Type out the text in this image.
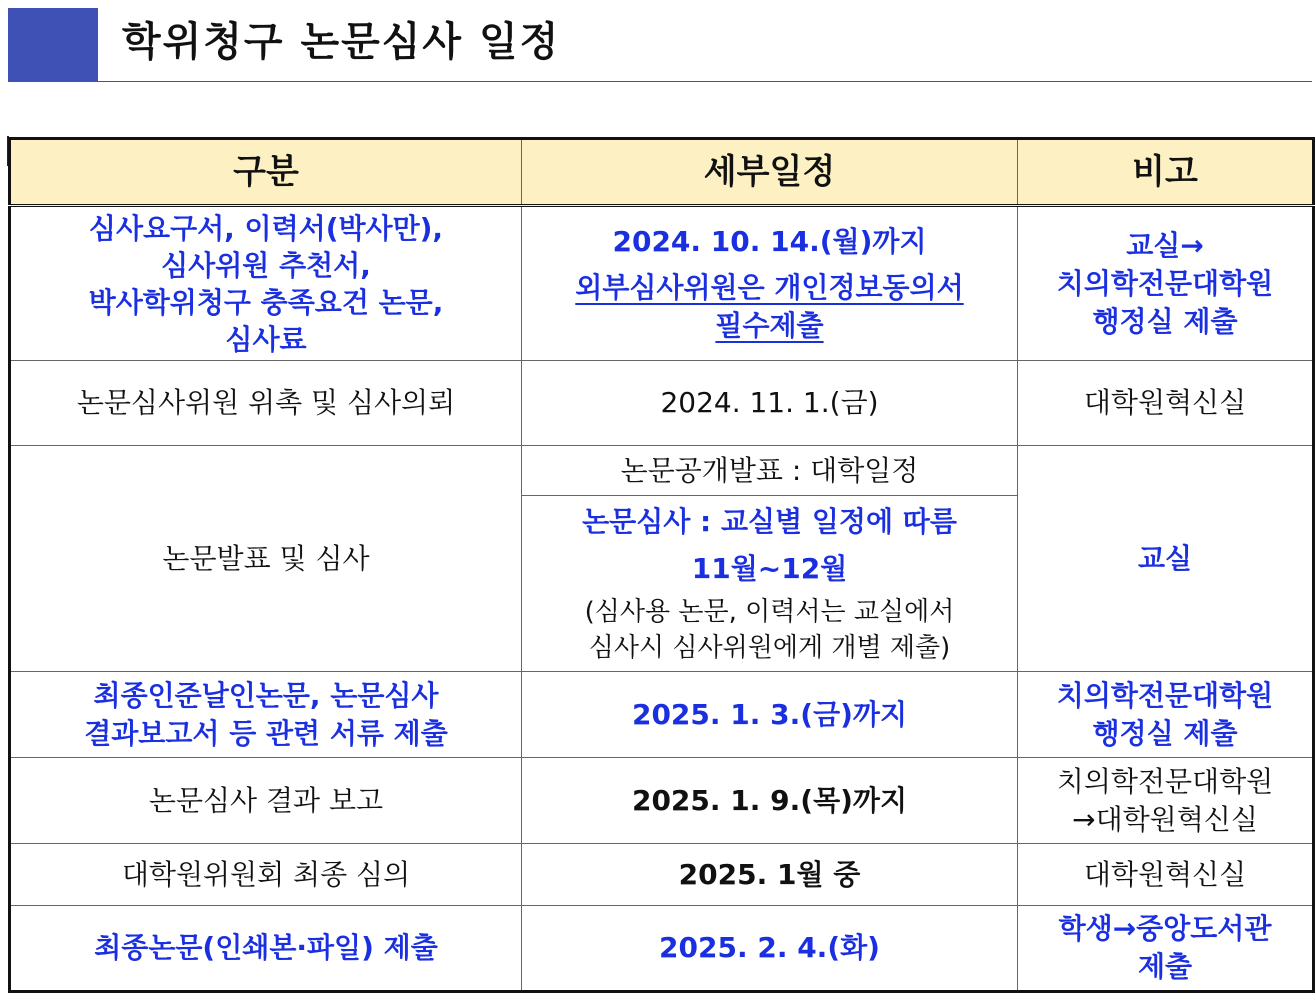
학위청구 논문심사 일정
구분	세부일정	비고

심사요구서, 이력서(박사만),
심사위원 추천서,
박사학위청구 충족요건 논문,
심사료	2024. 10. 14.(월)까지
외부심사위원은 개인정보동의서
필수제출	교실→
치의학전문대학원
행정실 제출

논문심사위원 위촉 및 심사의뢰	2024. 11. 1.(금)	대학원혁신실
논문발표 및 심사	논문공개발표 : 대학일정
논문심사 : 교실별 일정에 따름
11월~12월
(심사용 논문, 이력서는 교실에서
심사시 심사위원에게 개별 제출)	교실

최종인준날인논문, 논문심사
결과보고서 등 관련 서류 제출	2025. 1. 3.(금)까지	치의학전문대학원
행정실 제출

논문심사 결과 보고	2025. 1. 9.(목)까지	치의학전문대학원
→대학원혁신실

대학원위원회 최종 심의	2025. 1월 중	대학원혁신실
최종논문(인쇄본·파일) 제출	2025. 2. 4.(화)	학생→중앙도서관
제출
